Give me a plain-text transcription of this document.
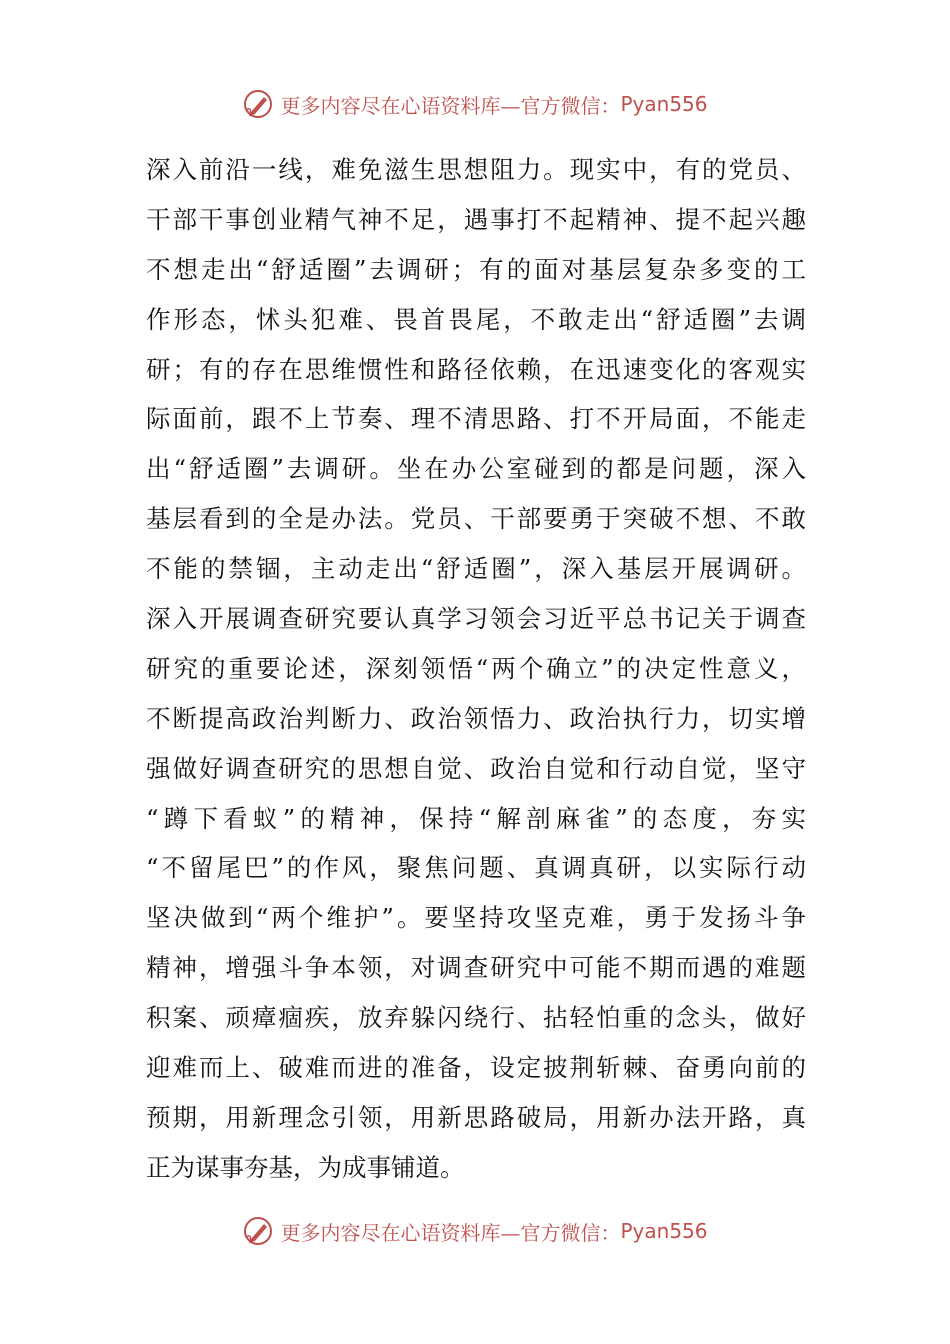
更多内容尽在心语资料库—官方微信： Pyan556
深入前沿一线，难免滋生思想阻力。现实中，有的党员、
干部干事创业精气神不足，遇事打不起精神、提不起兴趣
不想走出“舒适圈”去调研；有的面对基层复杂多变的工
作形态，怵头犯难、畏首畏尾，不敢走出“舒适圈”去调
研；有的存在思维惯性和路径依赖，在迅速变化的客观实
际面前，跟不上节奏、理不清思路、打不开局面，不能走
出“舒适圈”去调研。坐在办公室碰到的都是问题，深入
基层看到的全是办法。党员、干部要勇于突破不想、不敢
不能的禁锢，主动走出“舒适圈”，深入基层开展调研。
深入开展调查研究要认真学习领会习近平总书记关于调查
研究的重要论述，深刻领悟“两个确立”的决定性意义，
不断提高政治判断力、政治领悟力、政治执行力，切实增
强做好调查研究的思想自觉、政治自觉和行动自觉，坚守
“蹲下看蚁”的精神，保持“解剖麻雀”的态度，夯实
“不留尾巴”的作风，聚焦问题、真调真研，以实际行动
坚决做到“两个维护”。要坚持攻坚克难，勇于发扬斗争
精神，增强斗争本领，对调查研究中可能不期而遇的难题
积案、顽瘴痼疾，放弃躲闪绕行、拈轻怕重的念头，做好
迎难而上、破难而进的准备，设定披荆斩棘、奋勇向前的
预期，用新理念引领，用新思路破局，用新办法开路，真
正为谋事夯基，为成事铺道。
更多内容尽在心语资料库—官方微信： Pyan556
